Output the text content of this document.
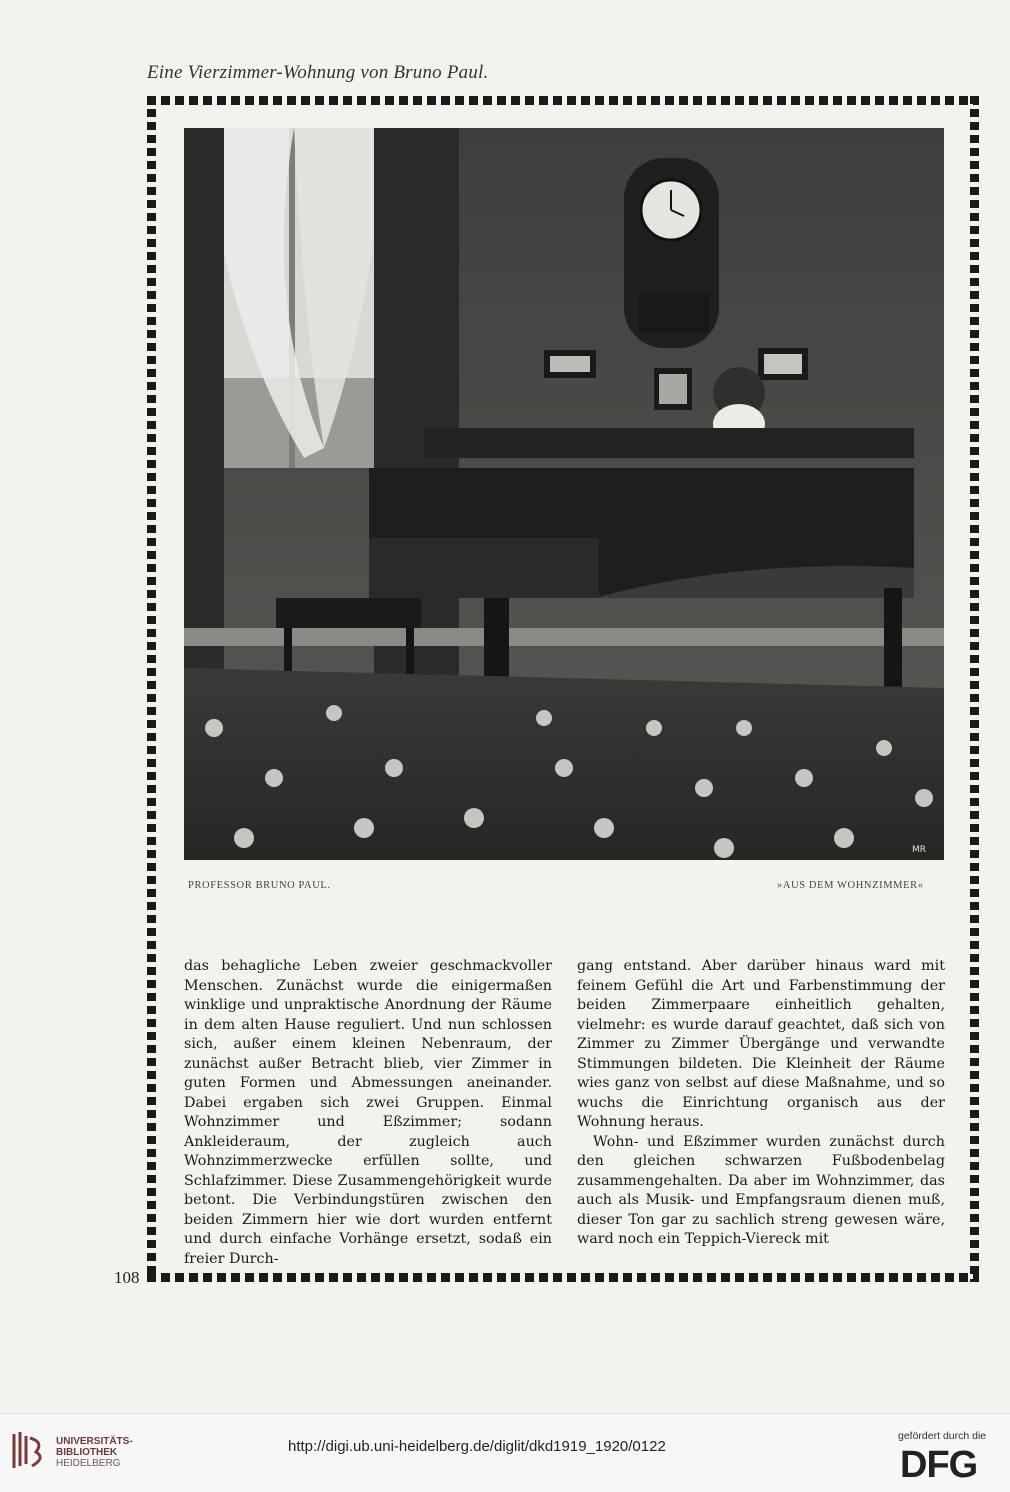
Eine Vierzimmer-Wohnung von Bruno Paul.
MR
PROFESSOR BRUNO PAUL.	»AUS DEM WOHNZIMMER«

das behagliche Leben zweier geschmackvoller Menschen. Zunächst wurde die einigermaßen winklige und unpraktische Anordnung der Räume in dem alten Hause reguliert. Und nun schlossen sich, außer einem kleinen Nebenraum, der zunächst außer Betracht blieb, vier Zimmer in guten Formen und Abmessungen aneinander. Dabei ergaben sich zwei Gruppen. Einmal Wohnzimmer und Eßzimmer; sodann Ankleideraum, der zugleich auch Wohnzimmerzwecke erfüllen sollte, und Schlafzimmer. Diese Zusammengehörigkeit wurde betont. Die Verbindungstüren zwischen den beiden Zimmern hier wie dort wurden entfernt und durch einfache Vorhänge ersetzt, sodaß ein freier Durch-

gang entstand. Aber darüber hinaus ward mit feinem Gefühl die Art und Farbenstimmung der beiden Zimmerpaare einheitlich gehalten, vielmehr: es wurde darauf geachtet, daß sich von Zimmer zu Zimmer Übergänge und verwandte Stimmungen bildeten. Die Kleinheit der Räume wies ganz von selbst auf diese Maßnahme, und so wuchs die Einrichtung organisch aus der Wohnung heraus.

Wohn- und Eßzimmer wurden zunächst durch den gleichen schwarzen Fußbodenbelag zusammengehalten. Da aber im Wohnzimmer, das auch als Musik- und Empfangsraum dienen muß, dieser Ton gar zu sachlich streng gewesen wäre, ward noch ein Teppich-Viereck mit

108
UNIVERSITÄTS-
BIBLIOTHEK
HEIDELBERG
http://digi.ub.uni-heidelberg.de/diglit/dkd1919_1920/0122
gefördert durch die
DFG
